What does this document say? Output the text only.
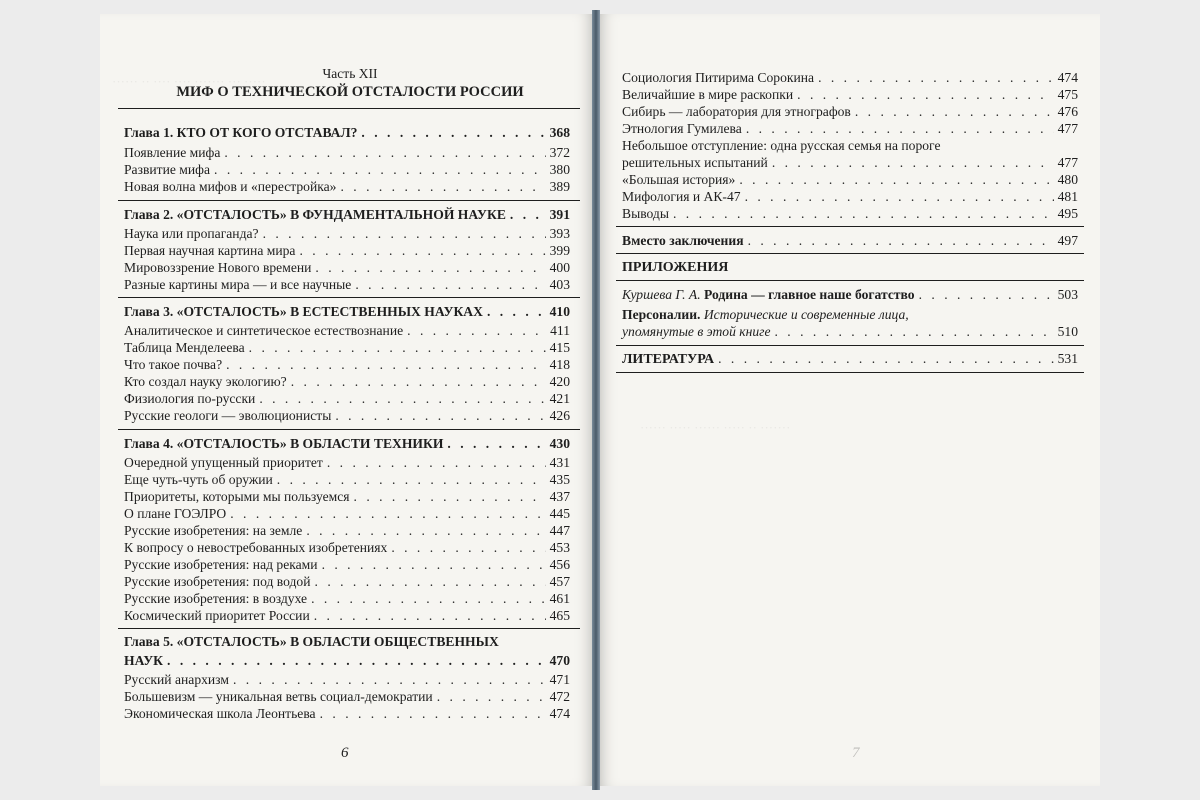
Часть XII
МИФ О ТЕХНИЧЕСКОЙ ОТСТАЛОСТИ РОССИИ
Глава 1. КТО ОТ КОГО ОТСТАВАЛ? . . .	368
Появление мифа . . .	372
Развитие мифа . . .	380
Новая волна мифов и «перестройка» . . .	389
Глава 2. «ОТСТАЛОСТЬ» В ФУНДАМЕНТАЛЬНОЙ НАУКЕ . . .	391
Наука или пропаганда? . . .	393
Первая научная картина мира . . .	399
Мировоззрение Нового времени . . .	400
Разные картины мира — и все научные . . .	403
Глава 3. «ОТСТАЛОСТЬ» В ЕСТЕСТВЕННЫХ НАУКАХ . . .	410
Аналитическое и синтетическое естествознание . . .	411
Таблица Менделеева . . .	415
Что такое почва? . . .	418
Кто создал науку экологию? . . .	420
Физиология по-русски . . .	421
Русские геологи — эволюционисты . . .	426
Глава 4. «ОТСТАЛОСТЬ» В ОБЛАСТИ ТЕХНИКИ . . .	430
Очередной упущенный приоритет . . .	431
Еще чуть-чуть об оружии . . .	435
Приоритеты, которыми мы пользуемся . . .	437
О плане ГОЭЛРО . . .	445
Русские изобретения: на земле . . .	447
К вопросу о невостребованных изобретениях . . .	453
Русские изобретения: над реками . . .	456
Русские изобретения: под водой . . .	457
Русские изобретения: в воздухе . . .	461
Космический приоритет России . . .	465
Глава 5. «ОТСТАЛОСТЬ» В ОБЛАСТИ ОБЩЕСТВЕННЫХ
НАУК . . .	470
Русский анархизм . . .	471
Большевизм — уникальная ветвь социал-демократии . . .	472
Экономическая школа Леонтьева . . .	474
6
Социология Питирима Сорокина . . .	474
Величайшие в мире раскопки . . .	475
Сибирь — лаборатория для этнографов . . .	476
Этнология Гумилева . . .	477
Небольшое отступление: одна русская семья на пороге
решительных испытаний . . .	477
«Большая история» . . .	480
Мифология и АК-47 . . .	481
Выводы . . .	495
Вместо заключения . . .	497
ПРИЛОЖЕНИЯ
Куршева Г. А. Родина — главное наше богатство . . .	503
Персоналии. Исторические и современные лица,
упомянутые в этой книге . . .	510
ЛИТЕРАТУРА . . .	531
7
